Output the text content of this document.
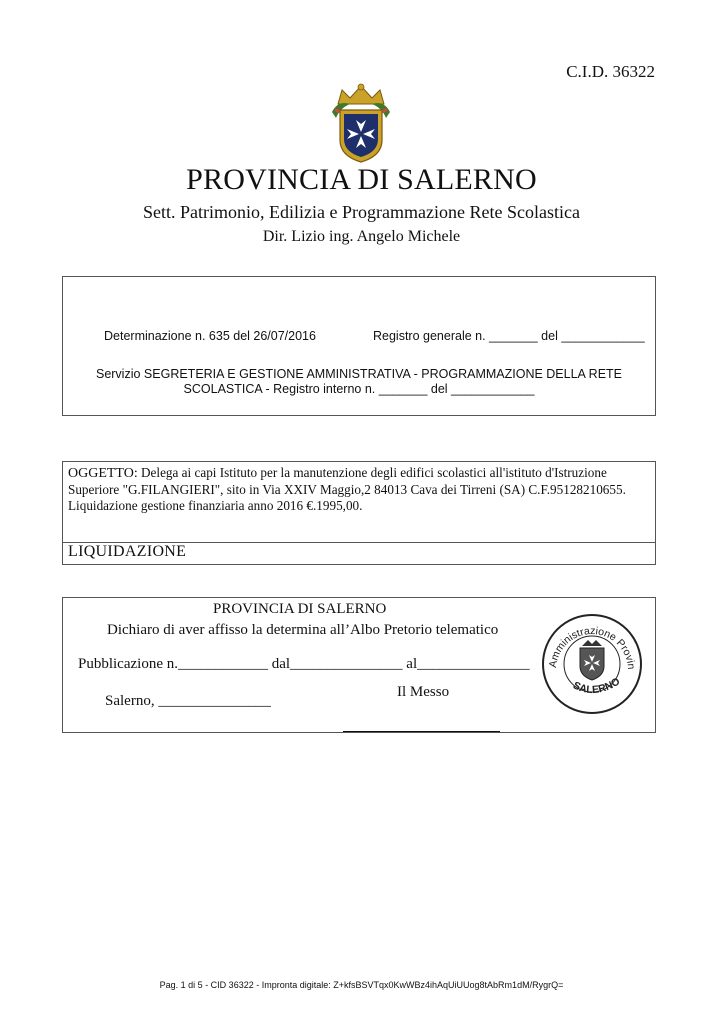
C.I.D. 36322
PROVINCIA DI SALERNO
Sett. Patrimonio, Edilizia e Programmazione Rete Scolastica
Dir. Lizio ing. Angelo Michele
Determinazione n. 635 del 26/07/2016	Registro generale n. _______ del ____________
Servizio SEGRETERIA E GESTIONE AMMINISTRATIVA - PROGRAMMAZIONE DELLA RETE
SCOLASTICA - Registro interno n. _______ del ____________
OGGETTO: Delega ai capi Istituto per la manutenzione degli edifici scolastici all'istituto d'Istruzione Superiore "G.FILANGIERI", sito in Via XXIV Maggio,2 84013 Cava dei Tirreni (SA) C.F.95128210655. Liquidazione gestione finanziaria anno 2016 €.1995,00.
LIQUIDAZIONE
PROVINCIA DI SALERNO
Dichiaro di aver affisso la determina all’Albo Pretorio telematico
Pubblicazione n.____________ dal_______________ al_______________
Il Messo
Salerno, _______________
Amministrazione Provin
SALERNO
Pag. 1 di 5 - CID 36322 - Impronta digitale: Z+kfsBSVTqx0KwWBz4ihAqUiUUog8tAbRm1dM/RygrQ=
